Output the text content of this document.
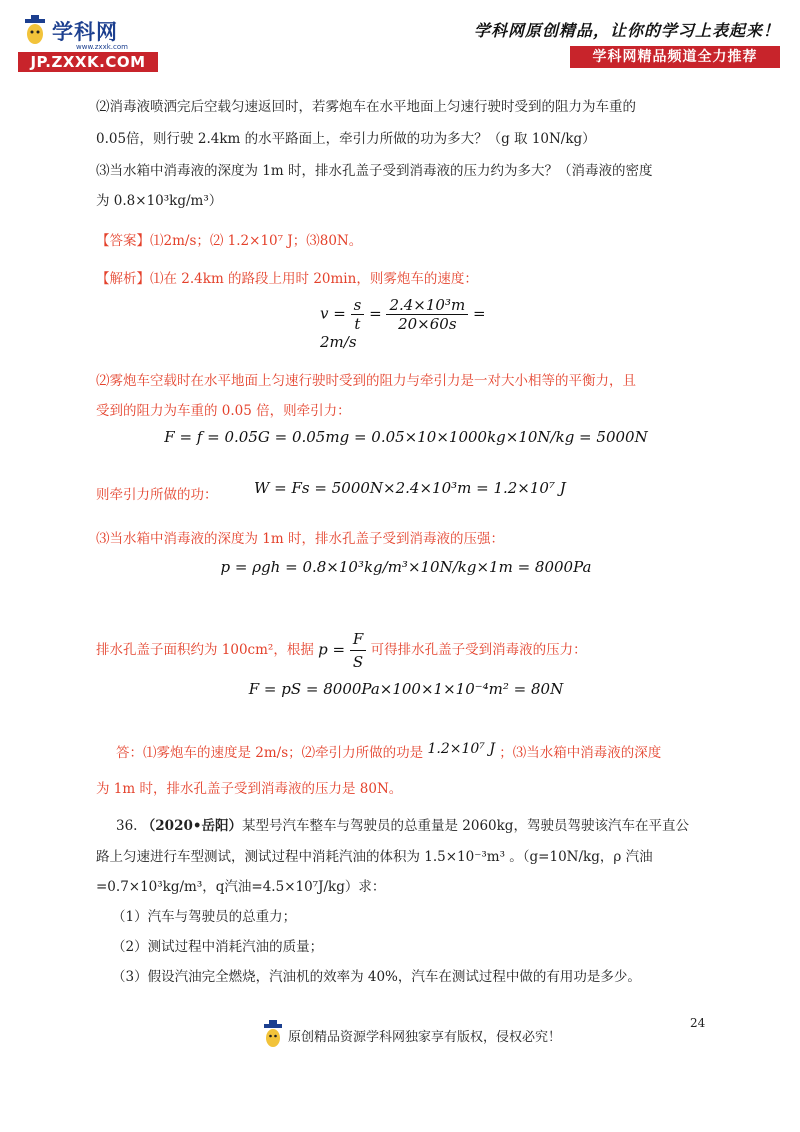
学科网
www.zxxk.com
JP.ZXXK.COM
学科网原创精品，让你的学习上表起来！
学科网精品频道全力推荐
⑵消毒液喷洒完后空载匀速返回时，若雾炮车在水平地面上匀速行驶时受到的阻力为车重的
0.05倍，则行驶 2.4km 的水平路面上，牵引力所做的功为多大？（g 取 10N/kg）
⑶当水箱中消毒液的深度为 1m 时，排水孔盖子受到消毒液的压力约为多大？（消毒液的密度
为 0.8×10³kg/m³）
【答案】⑴2m/s；⑵ 1.2×10⁷ J；⑶80N。
【解析】⑴在 2.4km 的路段上用时 20min，则雾炮车的速度：
$v = \frac{s}{t} = \frac{\text{2.4×10³m}}{20\times 60s} = 2m/s$
⑵雾炮车空载时在水平地面上匀速行驶时受到的阻力与牵引力是一对大小相等的平衡力，且
受到的阻力为车重的 0.05 倍，则牵引力：
F = f = 0.05G = 0.05mg = 0.05×10×1000kg×10N/kg = 5000N
则牵引力所做的功：	W = Fs = 5000N×2.4×10³m = 1.2×10⁷ J
⑶当水箱中消毒液的深度为 1m 时，排水孔盖子受到消毒液的压强：
p = ρgh = 0.8×10³kg/m³×10N/kg×1m = 8000Pa
排水孔盖子面积约为 100cm²，根据 $p = \frac{F}{S}$ 可得排水孔盖子受到消毒液的压力：
F = pS = 8000Pa×100×1×10⁻⁴m² = 80N
答：⑴雾炮车的速度是 2m/s；⑵牵引力所做的功是 1.2×10⁷ J ；⑶当水箱中消毒液的深度
为 1m 时，排水孔盖子受到消毒液的压力是 80N。
36. （2020•岳阳）某型号汽车整车与驾驶员的总重量是 2060kg，驾驶员驾驶该汽车在平直公
路上匀速进行车型测试，测试过程中消耗汽油的体积为 1.5×10⁻³m³ 。（g=10N/kg，ρ 汽油
=0.7×10³kg/m³，q汽油=4.5×10⁷J/kg）求：
（1）汽车与驾驶员的总重力；
（2）测试过程中消耗汽油的质量；
（3）假设汽油完全燃烧，汽油机的效率为 40%，汽车在测试过程中做的有用功是多少。
24
原创精品资源学科网独家享有版权，侵权必究！
